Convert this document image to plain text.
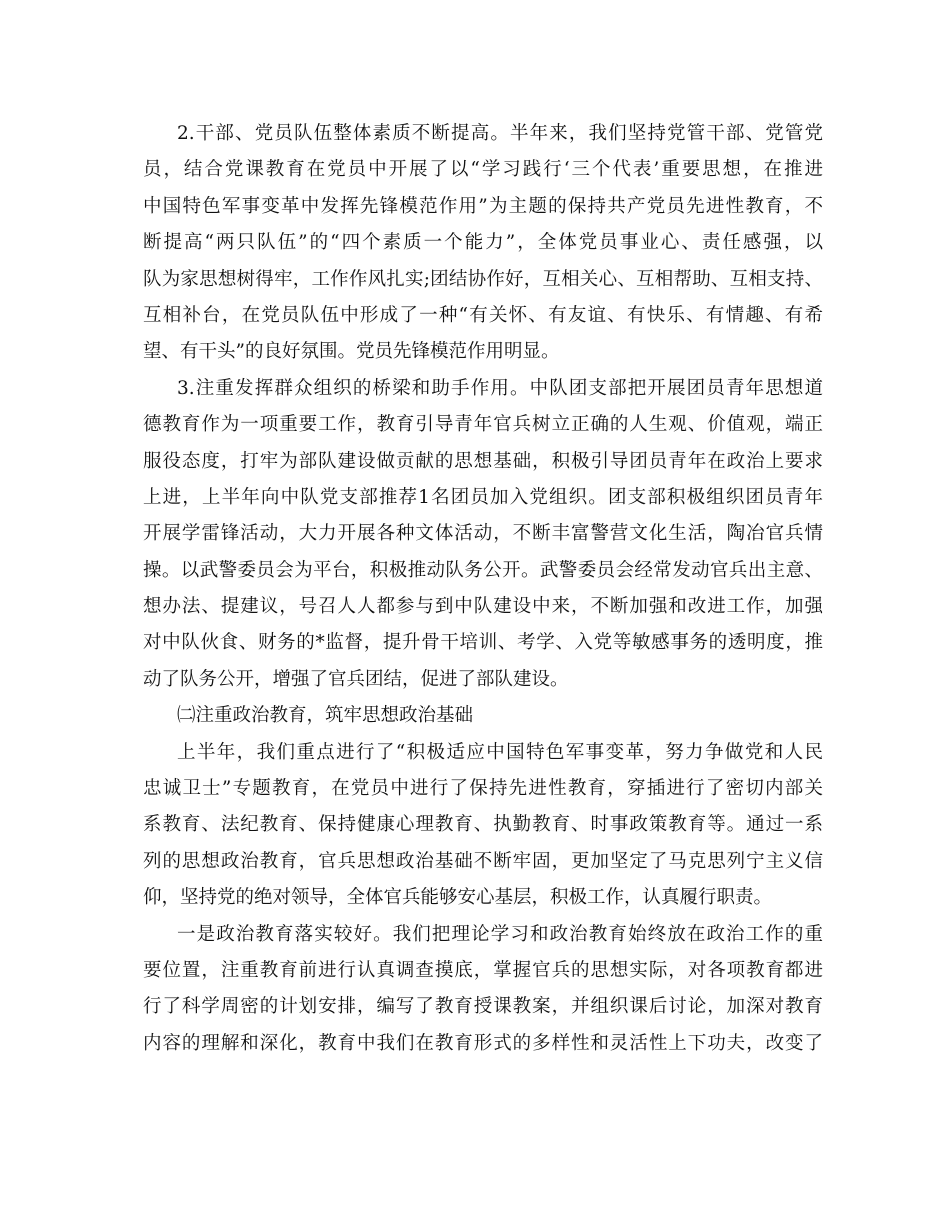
2.干部、党员队伍整体素质不断提高。半年来，我们坚持党管干部、党管党
员，结合党课教育在党员中开展了以“学习践行‘三个代表’重要思想，在推进
中国特色军事变革中发挥先锋模范作用”为主题的保持共产党员先进性教育，不
断提高“两只队伍”的“四个素质一个能力”，全体党员事业心、责任感强，以
队为家思想树得牢，工作作风扎实;团结协作好，互相关心、互相帮助、互相支持、
互相补台，在党员队伍中形成了一种“有关怀、有友谊、有快乐、有情趣、有希
望、有干头”的良好氛围。党员先锋模范作用明显。
3.注重发挥群众组织的桥梁和助手作用。中队团支部把开展团员青年思想道
德教育作为一项重要工作，教育引导青年官兵树立正确的人生观、价值观，端正
服役态度，打牢为部队建设做贡献的思想基础，积极引导团员青年在政治上要求
上进，上半年向中队党支部推荐1名团员加入党组织。团支部积极组织团员青年
开展学雷锋活动，大力开展各种文体活动，不断丰富警营文化生活，陶冶官兵情
操。以武警委员会为平台，积极推动队务公开。武警委员会经常发动官兵出主意、
想办法、提建议，号召人人都参与到中队建设中来，不断加强和改进工作，加强
对中队伙食、财务的*监督，提升骨干培训、考学、入党等敏感事务的透明度，推
动了队务公开，增强了官兵团结，促进了部队建设。
㈡注重政治教育，筑牢思想政治基础
上半年，我们重点进行了“积极适应中国特色军事变革，努力争做党和人民
忠诚卫士”专题教育，在党员中进行了保持先进性教育，穿插进行了密切内部关
系教育、法纪教育、保持健康心理教育、执勤教育、时事政策教育等。通过一系
列的思想政治教育，官兵思想政治基础不断牢固，更加坚定了马克思列宁主义信
仰，坚持党的绝对领导，全体官兵能够安心基层，积极工作，认真履行职责。
一是政治教育落实较好。我们把理论学习和政治教育始终放在政治工作的重
要位置，注重教育前进行认真调查摸底，掌握官兵的思想实际，对各项教育都进
行了科学周密的计划安排，编写了教育授课教案，并组织课后讨论，加深对教育
内容的理解和深化，教育中我们在教育形式的多样性和灵活性上下功夫，改变了
